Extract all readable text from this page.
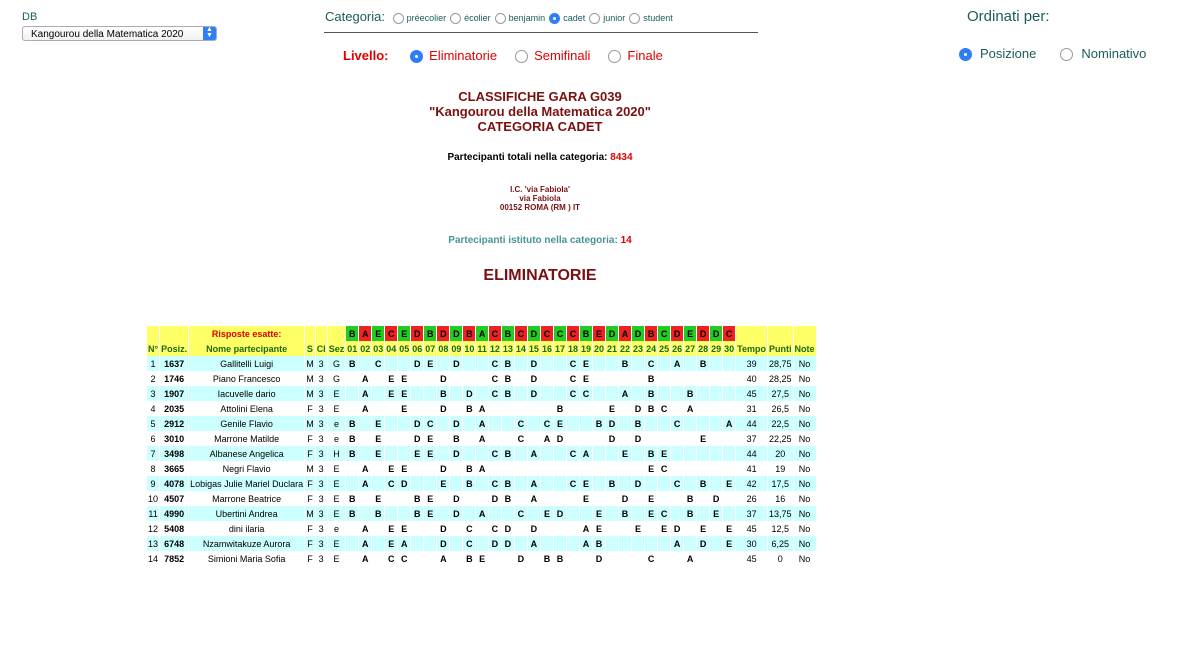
DB
Kangourou della Matematica 2020	▲
▼
Categoria: préecolier écolier benjamin cadet junior student
Livello:	Eliminatorie	Semifinali	Finale
Ordinati per:
Posizione	Nominativo
CLASSIFICHE GARA G039
"Kangourou della Matematica 2020"
CATEGORIA CADET
Partecipanti totali nella categoria: 8434
I.C. 'via Fabiola'
via Fabiola
00152 ROMA (RM ) IT
Partecipanti istituto nella categoria: 14
ELIMINATORIE
		Risposte esatte:				B	A	E	C	E	D	B	D	D	B	A	C	B	C	D	C	C	C	B	E	D	A	D	B	C	D	E	D	D	C			
N°	Posiz.	Nome partecipante	S	Cl	Sez	01	02	03	04	05	06	07	08	09	10	11	12	13	14	15	16	17	18	19	20	21	22	23	24	25	26	27	28	29	30	Tempo	Punti	Note
1	1637	Gallitelli Luigi	M	3	G	B		C			D	E		D			C	B		D			C	E			B		C		A		B			39	28,75	No
2	1746	Piano Francesco	M	3	G		A		E	E			D				C	B		D			C	E					B							40	28,25	No
3	1907	Iacuvelle dario	M	3	E		A		E	E			B		D		C	B		D			C	C			A		B			B				45	27,5	No
4	2035	Attolini Elena	F	3	E		A			E			D		B	A						B				E		D	B	C		A				31	26,5	No
5	2912	Genile Flavio	M	3	e	B		E			D	C		D		A			C		C	E			B	D		B			C				A	44	22,5	No
6	3010	Marrone Matilde	F	3	e	B		E			D	E		B		A			C		A	D				D		D					E			37	22,25	No
7	3498	Albanese Angelica	F	3	H	B		E			E	E		D			C	B		A			C	A			E		B	E						44	20	No
8	3665	Negri Flavio	M	3	E		A		E	E			D		B	A													E	C						41	19	No
9	4078	Lobigas Julie Mariel Duclara	F	3	E		A		C	D			E		B		C	B		A			C	E		B		D			C		B		E	42	17,5	No
10	4507	Marrone Beatrice	F	3	E	B		E			B	E		D			D	B		A				E			D		E			B		D		26	16	No
11	4990	Ubertini Andrea	M	3	E	B		B			B	E		D		A			C		E	D			E		B		E	C		B		E		37	13,75	No
12	5408	dini ilaria	F	3	e		A		E	E			D		C		C	D		D				A	E			E		E	D		E		E	45	12,5	No
13	6748	Nzamwitakuze Aurora	F	3	E		A		E	A			D		C		D	D		A				A	B						A		D		E	30	6,25	No
14	7852	Simioni Maria Sofia	F	3	E		A		C	C			A		B	E			D		B	B			D				C			A				45	0	No
